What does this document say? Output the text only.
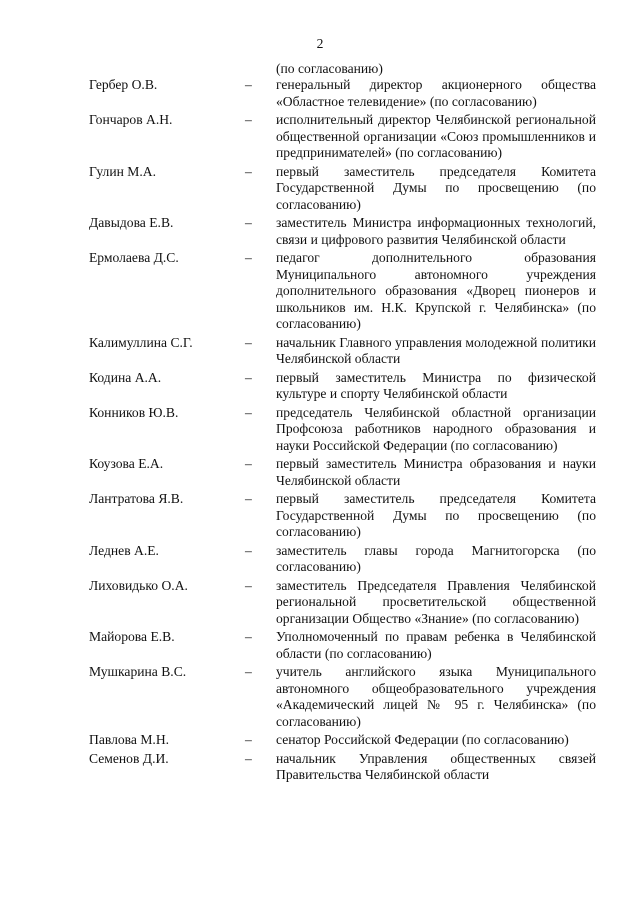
2
(по согласованию)
Гербер О.В.	–	генеральный директор акционерного общества «Областное телевидение» (по согласованию)
Гончаров А.Н.	–	исполнительный директор Челябинской региональной общественной организации «Союз промышленников и предпринимателей» (по согласованию)
Гулин М.А.	–	первый заместитель председателя Комитета Государственной Думы по просвещению (по согласованию)
Давыдова Е.В.	–	заместитель Министра информационных технологий, связи и цифрового развития Челябинской области
Ермолаева Д.С.	–	педагог дополнительного образования Муниципального автономного учреждения дополнительного образования «Дворец пионеров и школьников им. Н.К. Крупской г. Челябинска» (по согласованию)
Калимуллина С.Г.	–	начальник Главного управления молодежной политики Челябинской области
Кодина А.А.	–	первый заместитель Министра по физической культуре и спорту Челябинской области
Конников Ю.В.	–	председатель Челябинской областной организации Профсоюза работников народного образования и науки Российской Федерации (по согласованию)
Коузова Е.А.	–	первый заместитель Министра образования и науки Челябинской области
Лантратова Я.В.	–	первый заместитель председателя Комитета Государственной Думы по просвещению (по согласованию)
Леднев А.Е.	–	заместитель главы города Магнитогорска (по согласованию)
Лиховидько О.А.	–	заместитель Председателя Правления Челябинской региональной просветительской общественной организации Общество «Знание» (по согласованию)
Майорова Е.В.	–	Уполномоченный по правам ребенка в Челябинской области (по согласованию)
Мушкарина В.С.	–	учитель английского языка Муниципального автономного общеобразовательного учреждения «Академический лицей № 95 г. Челябинска» (по согласованию)
Павлова М.Н.	–	сенатор Российской Федерации (по согласованию)
Семенов Д.И.	–	начальник Управления общественных связей Правительства Челябинской области
